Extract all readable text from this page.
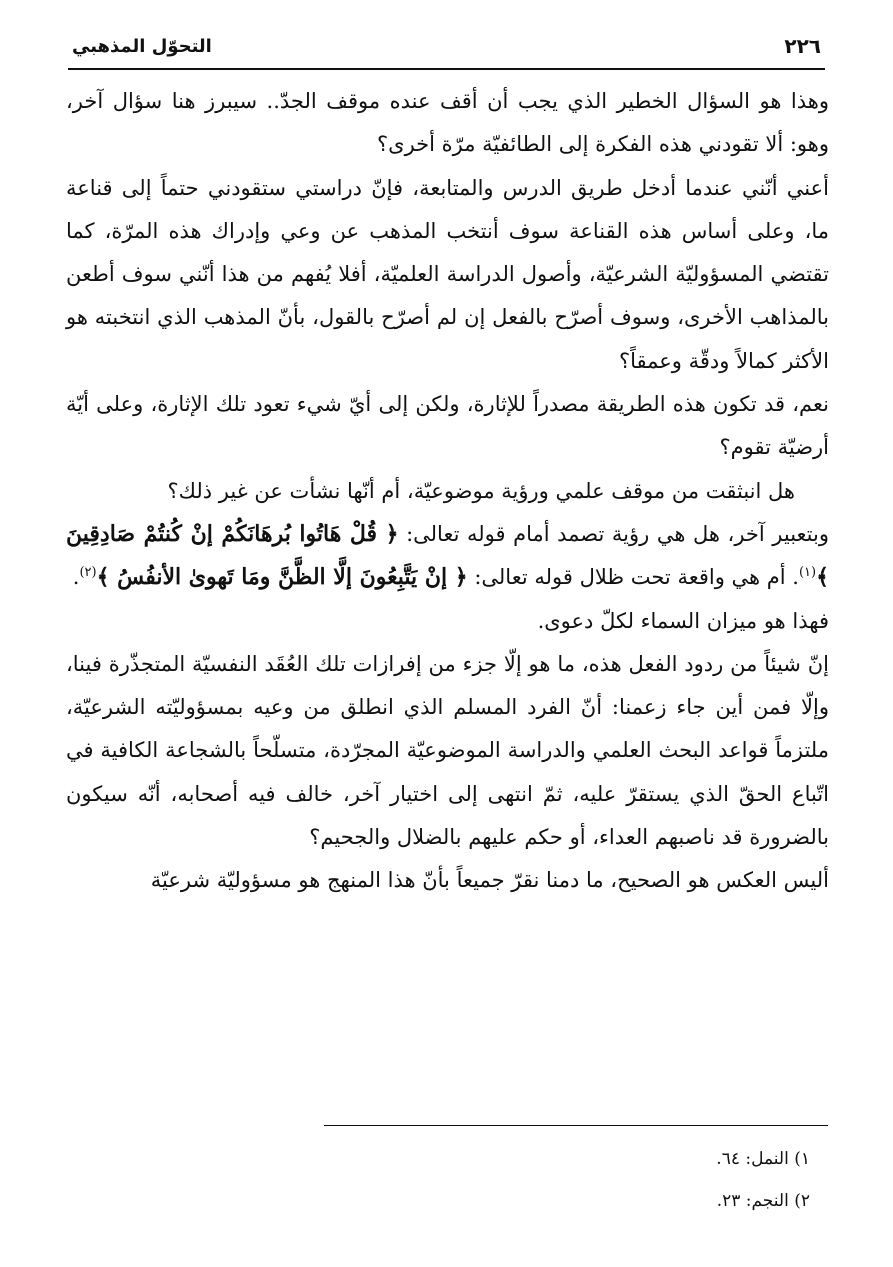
٢٢٦
التحوّل المذهبي

وهذا هو السؤال الخطير الذي يجب أن أقف عنده موقف الجدّ.. سيبرز هنا سؤال آخر، وهو: ألا تقودني هذه الفكرة إلى الطائفيّة مرّة أخرى؟

أعني أنّني عندما أدخل طريق الدرس والمتابعة، فإنّ دراستي ستقودني حتماً إلى قناعة ما، وعلى أساس هذه القناعة سوف أنتخب المذهب عن وعي وإدراك هذه المرّة، كما تقتضي المسؤوليّة الشرعيّة، وأصول الدراسة العلميّة، أفلا يُفهم من هذا أنّني سوف أطعن بالمذاهب الأخرى، وسوف أصرّح بالفعل إن لم أصرّح بالقول، بأنّ المذهب الذي انتخبته هو الأكثر كمالاً ودقّة وعمقاً؟

نعم، قد تكون هذه الطريقة مصدراً للإثارة، ولكن إلى أيّ شيء تعود تلك الإثارة، وعلى أيّة أرضيّة تقوم؟

هل انبثقت من موقف علمي ورؤية موضوعيّة، أم أنّها نشأت عن غير ذلك؟

وبتعبير آخر، هل هي رؤية تصمد أمام قوله تعالى: ﴿ قُلْ هَاتُوا بُرهَانَكُمْ إنْ كُنتُمْ صَادِقِينَ ﴾$^{(١)}$. أم هي واقعة تحت ظلال قوله تعالى: ﴿ إنْ يَتَّبِعُونَ إلَّا الظَّنَّ ومَا تَهوىٰ الأنفُسُ ﴾$^{(٢)}$.

فهذا هو ميزان السماء لكلّ دعوى.

إنّ شيئاً من ردود الفعل هذه، ما هو إلّا جزء من إفرازات تلك العُقَد النفسيّة المتجذّرة فينا، وإلّا فمن أين جاء زعمنا: أنّ الفرد المسلم الذي انطلق من وعيه بمسؤوليّته الشرعيّة، ملتزماً قواعد البحث العلمي والدراسة الموضوعيّة المجرّدة، متسلّحاً بالشجاعة الكافية في اتّباع الحقّ الذي يستقرّ عليه، ثمّ انتهى إلى اختيار آخر، خالف فيه أصحابه، أنّه سيكون بالضرورة قد ناصبهم العداء، أو حكم عليهم بالضلال والجحيم؟

أليس العكس هو الصحيح، ما دمنا نقرّ جميعاً بأنّ هذا المنهج هو مسؤوليّة شرعيّة

١) النمل: ٦٤.

٢) النجم: ٢٣.
